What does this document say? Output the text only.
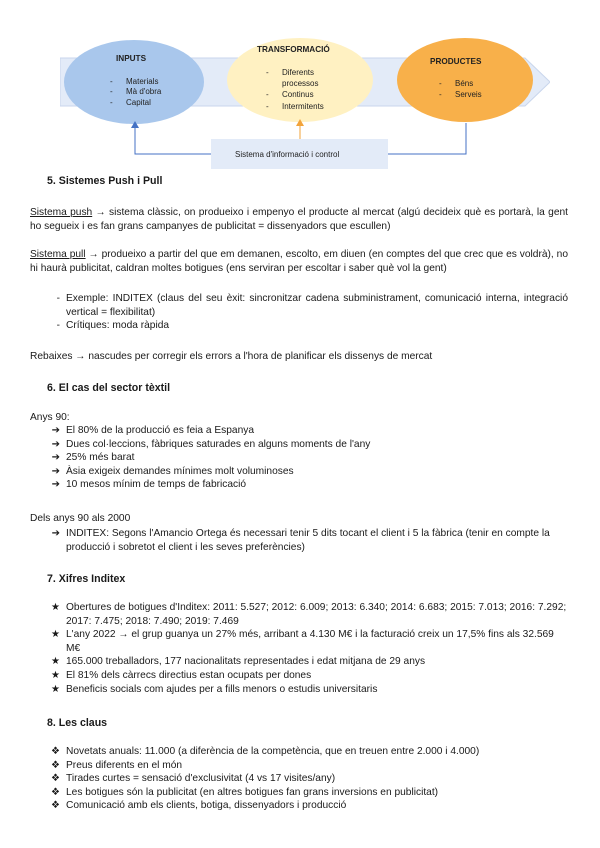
INPUTS
- Materials
- Mà d'obra
- Capital
TRANSFORMACIÓ
- Diferents
processos
- Continus
- Intermitents
PRODUCTES
- Béns
- Serveis
Sistema d'informació i control
5. Sistemes Push i Pull
Sistema push → sistema clàssic, on produeixo i empenyo el producte al mercat (algú decideix què es portarà, la gent ho segueix i es fan grans campanyes de publicitat = dissenyadors que escullen)
Sistema pull → produeixo a partir del que em demanen, escolto, em diuen (en comptes del que crec que es voldrà), no hi haurà publicitat, caldran moltes botigues (ens serviran per escoltar i saber què vol la gent)
- Exemple: INDITEX (claus del seu èxit: sincronitzar cadena subministrament, comunicació interna, integració vertical = flexibilitat)
- Crítiques: moda ràpida
Rebaixes → nascudes per corregir els errors a l'hora de planificar els dissenys de mercat
6. El cas del sector tèxtil
Anys 90:
➔ El 80% de la producció es feia a Espanya
➔ Dues col·leccions, fàbriques saturades en alguns moments de l'any
➔ 25% més barat
➔ Àsia exigeix demandes mínimes molt voluminoses
➔ 10 mesos mínim de temps de fabricació
Dels anys 90 als 2000
➔ INDITEX: Segons l'Amancio Ortega és necessari tenir 5 dits tocant el client i 5 la fàbrica (tenir en compte la producció i sobretot el client i les seves preferències)
7. Xifres Inditex
★ Obertures de botigues d'Inditex: 2011: 5.527; 2012: 6.009; 2013: 6.340; 2014: 6.683; 2015: 7.013; 2016: 7.292; 2017: 7.475; 2018: 7.490; 2019: 7.469
★ L'any 2022 → el grup guanya un 27% més, arribant a 4.130 M€ i la facturació creix un 17,5% fins als 32.569 M€
★ 165.000 treballadors, 177 nacionalitats representades i edat mitjana de 29 anys
★ El 81% dels càrrecs directius estan ocupats per dones
★ Beneficis socials com ajudes per a fills menors o estudis universitaris
8. Les claus
❖ Novetats anuals: 11.000 (a diferència de la competència, que en treuen entre 2.000 i 4.000)
❖ Preus diferents en el món
❖ Tirades curtes = sensació d'exclusivitat (4 vs 17 visites/any)
❖ Les botigues són la publicitat (en altres botigues fan grans inversions en publicitat)
❖ Comunicació amb els clients, botiga, dissenyadors i producció
